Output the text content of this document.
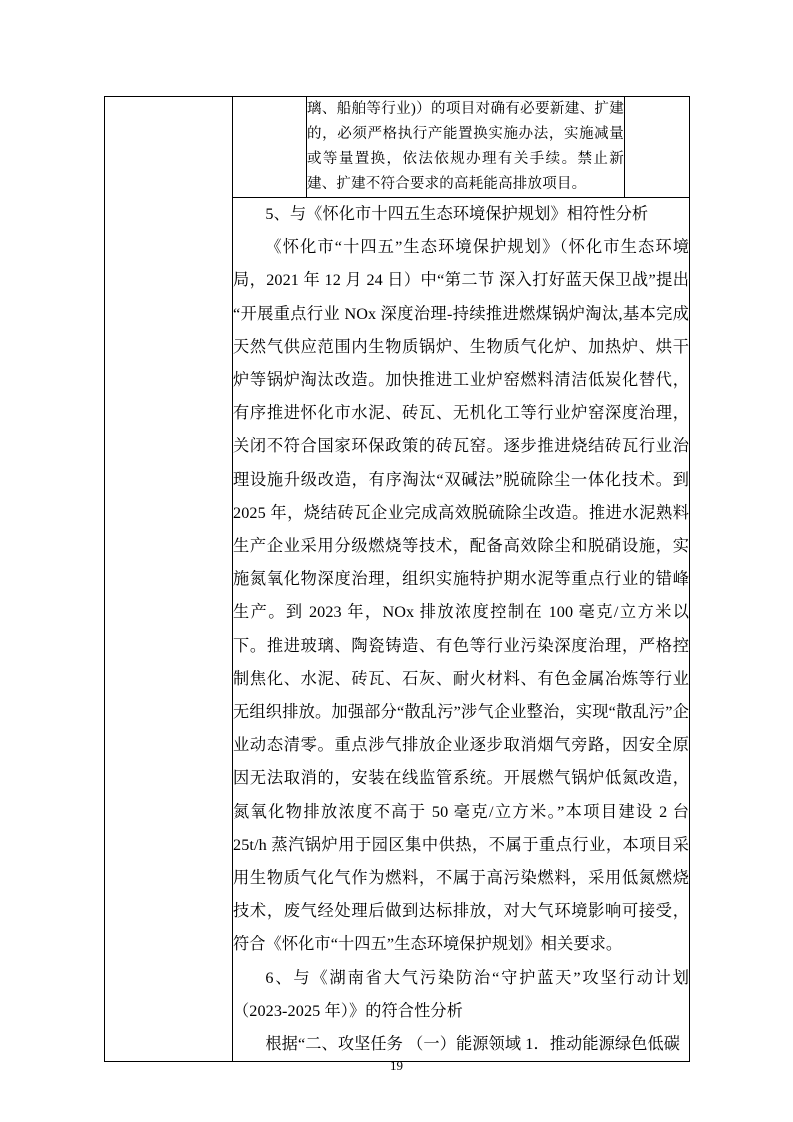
璃、船舶等行业)）的项目对确有必要新建、扩建的，必须严格执行产能置换实施办法，实施减量或等量置换，依法依规办理有关手续。禁止新建、扩建不符合要求的高耗能高排放项目。

5、与《怀化市十四五生态环境保护规划》相符性分析

《怀化市“十四五”生态环境保护规划》（怀化市生态环境局，2021 年 12 月 24 日）中“第二节 深入打好蓝天保卫战”提出“开展重点行业 NOx 深度治理-持续推进燃煤锅炉淘汰,基本完成天然气供应范围内生物质锅炉、生物质气化炉、加热炉、烘干炉等锅炉淘汰改造。加快推进工业炉窑燃料清洁低炭化替代，有序推进怀化市水泥、砖瓦、无机化工等行业炉窑深度治理，关闭不符合国家环保政策的砖瓦窑。逐步推进烧结砖瓦行业治理设施升级改造，有序淘汰“双碱法”脱硫除尘一体化技术。到 2025 年，烧结砖瓦企业完成高效脱硫除尘改造。推进水泥熟料生产企业采用分级燃烧等技术，配备高效除尘和脱硝设施，实施氮氧化物深度治理，组织实施特护期水泥等重点行业的错峰生产。到 2023 年，NOx 排放浓度控制在 100 毫克/立方米以下。推进玻璃、陶瓷铸造、有色等行业污染深度治理，严格控制焦化、水泥、砖瓦、石灰、耐火材料、有色金属冶炼等行业无组织排放。加强部分“散乱污”涉气企业整治，实现“散乱污”企业动态清零。重点涉气排放企业逐步取消烟气旁路，因安全原因无法取消的，安装在线监管系统。开展燃气锅炉低氮改造，氮氧化物排放浓度不高于 50 毫克/立方米。”本项目建设 2 台 25t/h 蒸汽锅炉用于园区集中供热，不属于重点行业，本项目采用生物质气化气作为燃料，不属于高污染燃料，采用低氮燃烧技术，废气经处理后做到达标排放，对大气环境影响可接受，符合《怀化市“十四五”生态环境保护规划》相关要求。

6、与《湖南省大气污染防治“守护蓝天”攻坚行动计划（2023-2025 年）》的符合性分析

根据“二、攻坚任务 （一）能源领域 1．推动能源绿色低碳

19
